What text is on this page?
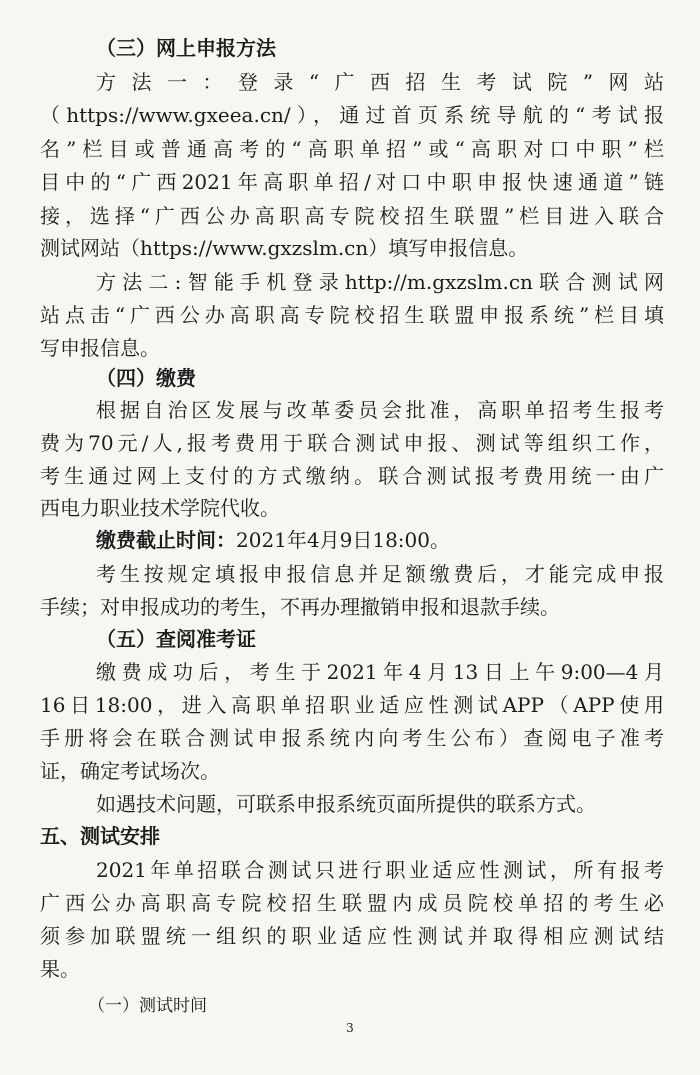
（三）网上申报方法
方法一：登录“广西招生考试院”网站
（https://www.gxeea.cn/），通过首页系统导航的“考试报
名”栏目或普通高考的“高职单招”或“高职对口中职”栏
目中的“广西2021年高职单招/对口中职申报快速通道”链
接，选择“广西公办高职高专院校招生联盟”栏目进入联合
测试网站（https://www.gxzslm.cn）填写申报信息。
方法二:智能手机登录http://m.gxzslm.cn联合测试网
站点击“广西公办高职高专院校招生联盟申报系统”栏目填
写申报信息。
（四）缴费
根据自治区发展与改革委员会批准，高职单招考生报考
费为70元/人,报考费用于联合测试申报、测试等组织工作，
考生通过网上支付的方式缴纳。联合测试报考费用统一由广
西电力职业技术学院代收。
缴费截止时间：2021年4月9日18:00。
考生按规定填报申报信息并足额缴费后，才能完成申报
手续；对申报成功的考生，不再办理撤销申报和退款手续。
（五）查阅准考证
缴费成功后，考生于2021年4月13日上午9:00—4月
16日18:00，进入高职单招职业适应性测试APP（APP使用
手册将会在联合测试申报系统内向考生公布）查阅电子准考
证，确定考试场次。
如遇技术问题，可联系申报系统页面所提供的联系方式。
五、测试安排
2021年单招联合测试只进行职业适应性测试，所有报考
广西公办高职高专院校招生联盟内成员院校单招的考生必
须参加联盟统一组织的职业适应性测试并取得相应测试结
果。
（一）测试时间
3
